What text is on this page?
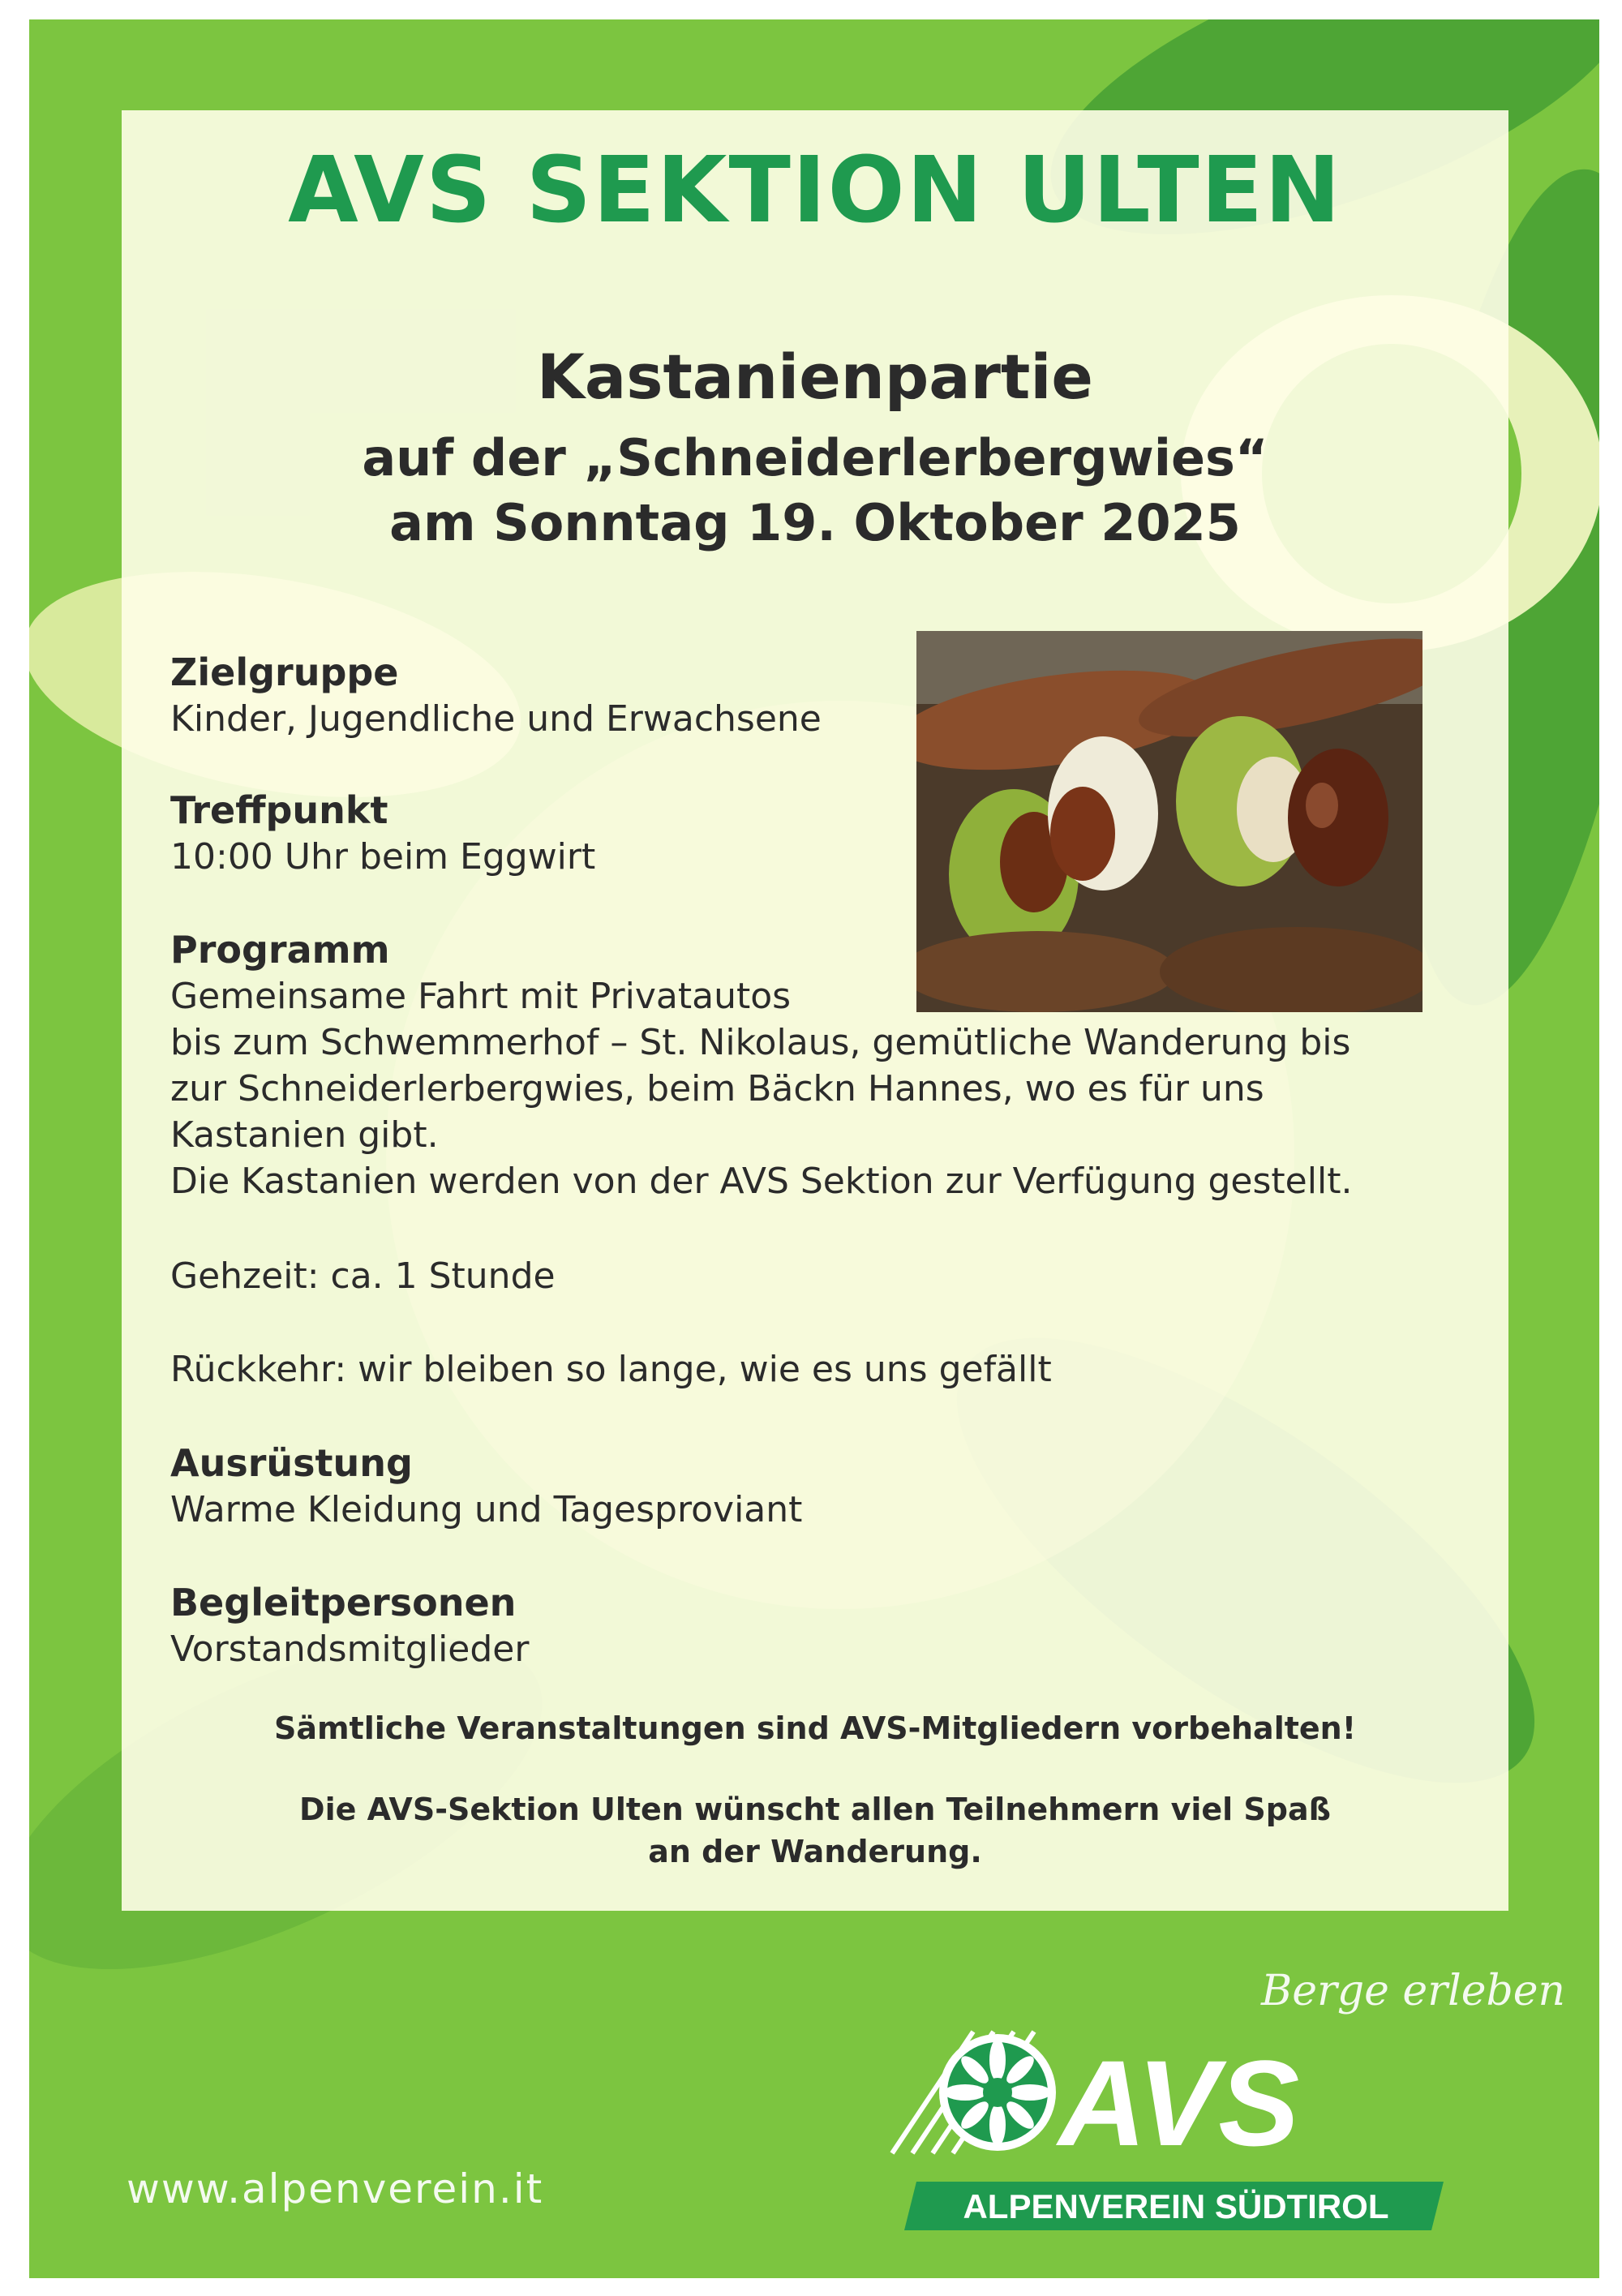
AVS SEKTION ULTEN
Kastanienpartie
auf der „Schneiderlerbergwies“
am Sonntag 19. Oktober 2025
Zielgruppe
Kinder, Jugendliche und Erwachsene
Treffpunkt
10:00 Uhr beim Eggwirt
Programm
Gemeinsame Fahrt mit Privatautos
bis zum Schwemmerhof – St. Nikolaus, gemütliche Wanderung bis
zur Schneiderlerbergwies, beim Bäckn Hannes, wo es für uns
Kastanien gibt.
Die Kastanien werden von der AVS Sektion zur Verfügung gestellt.
Gehzeit: ca. 1 Stunde
Rückkehr: wir bleiben so lange, wie es uns gefällt
Ausrüstung
Warme Kleidung und Tagesproviant
Begleitpersonen
Vorstandsmitglieder
Sämtliche Veranstaltungen sind AVS-Mitgliedern vorbehalten!
Die AVS-Sektion Ulten wünscht allen Teilnehmern viel Spaß
an der Wanderung.
Berge erleben
www.alpenverein.it
AVS
ALPENVEREIN SÜDTIROL
